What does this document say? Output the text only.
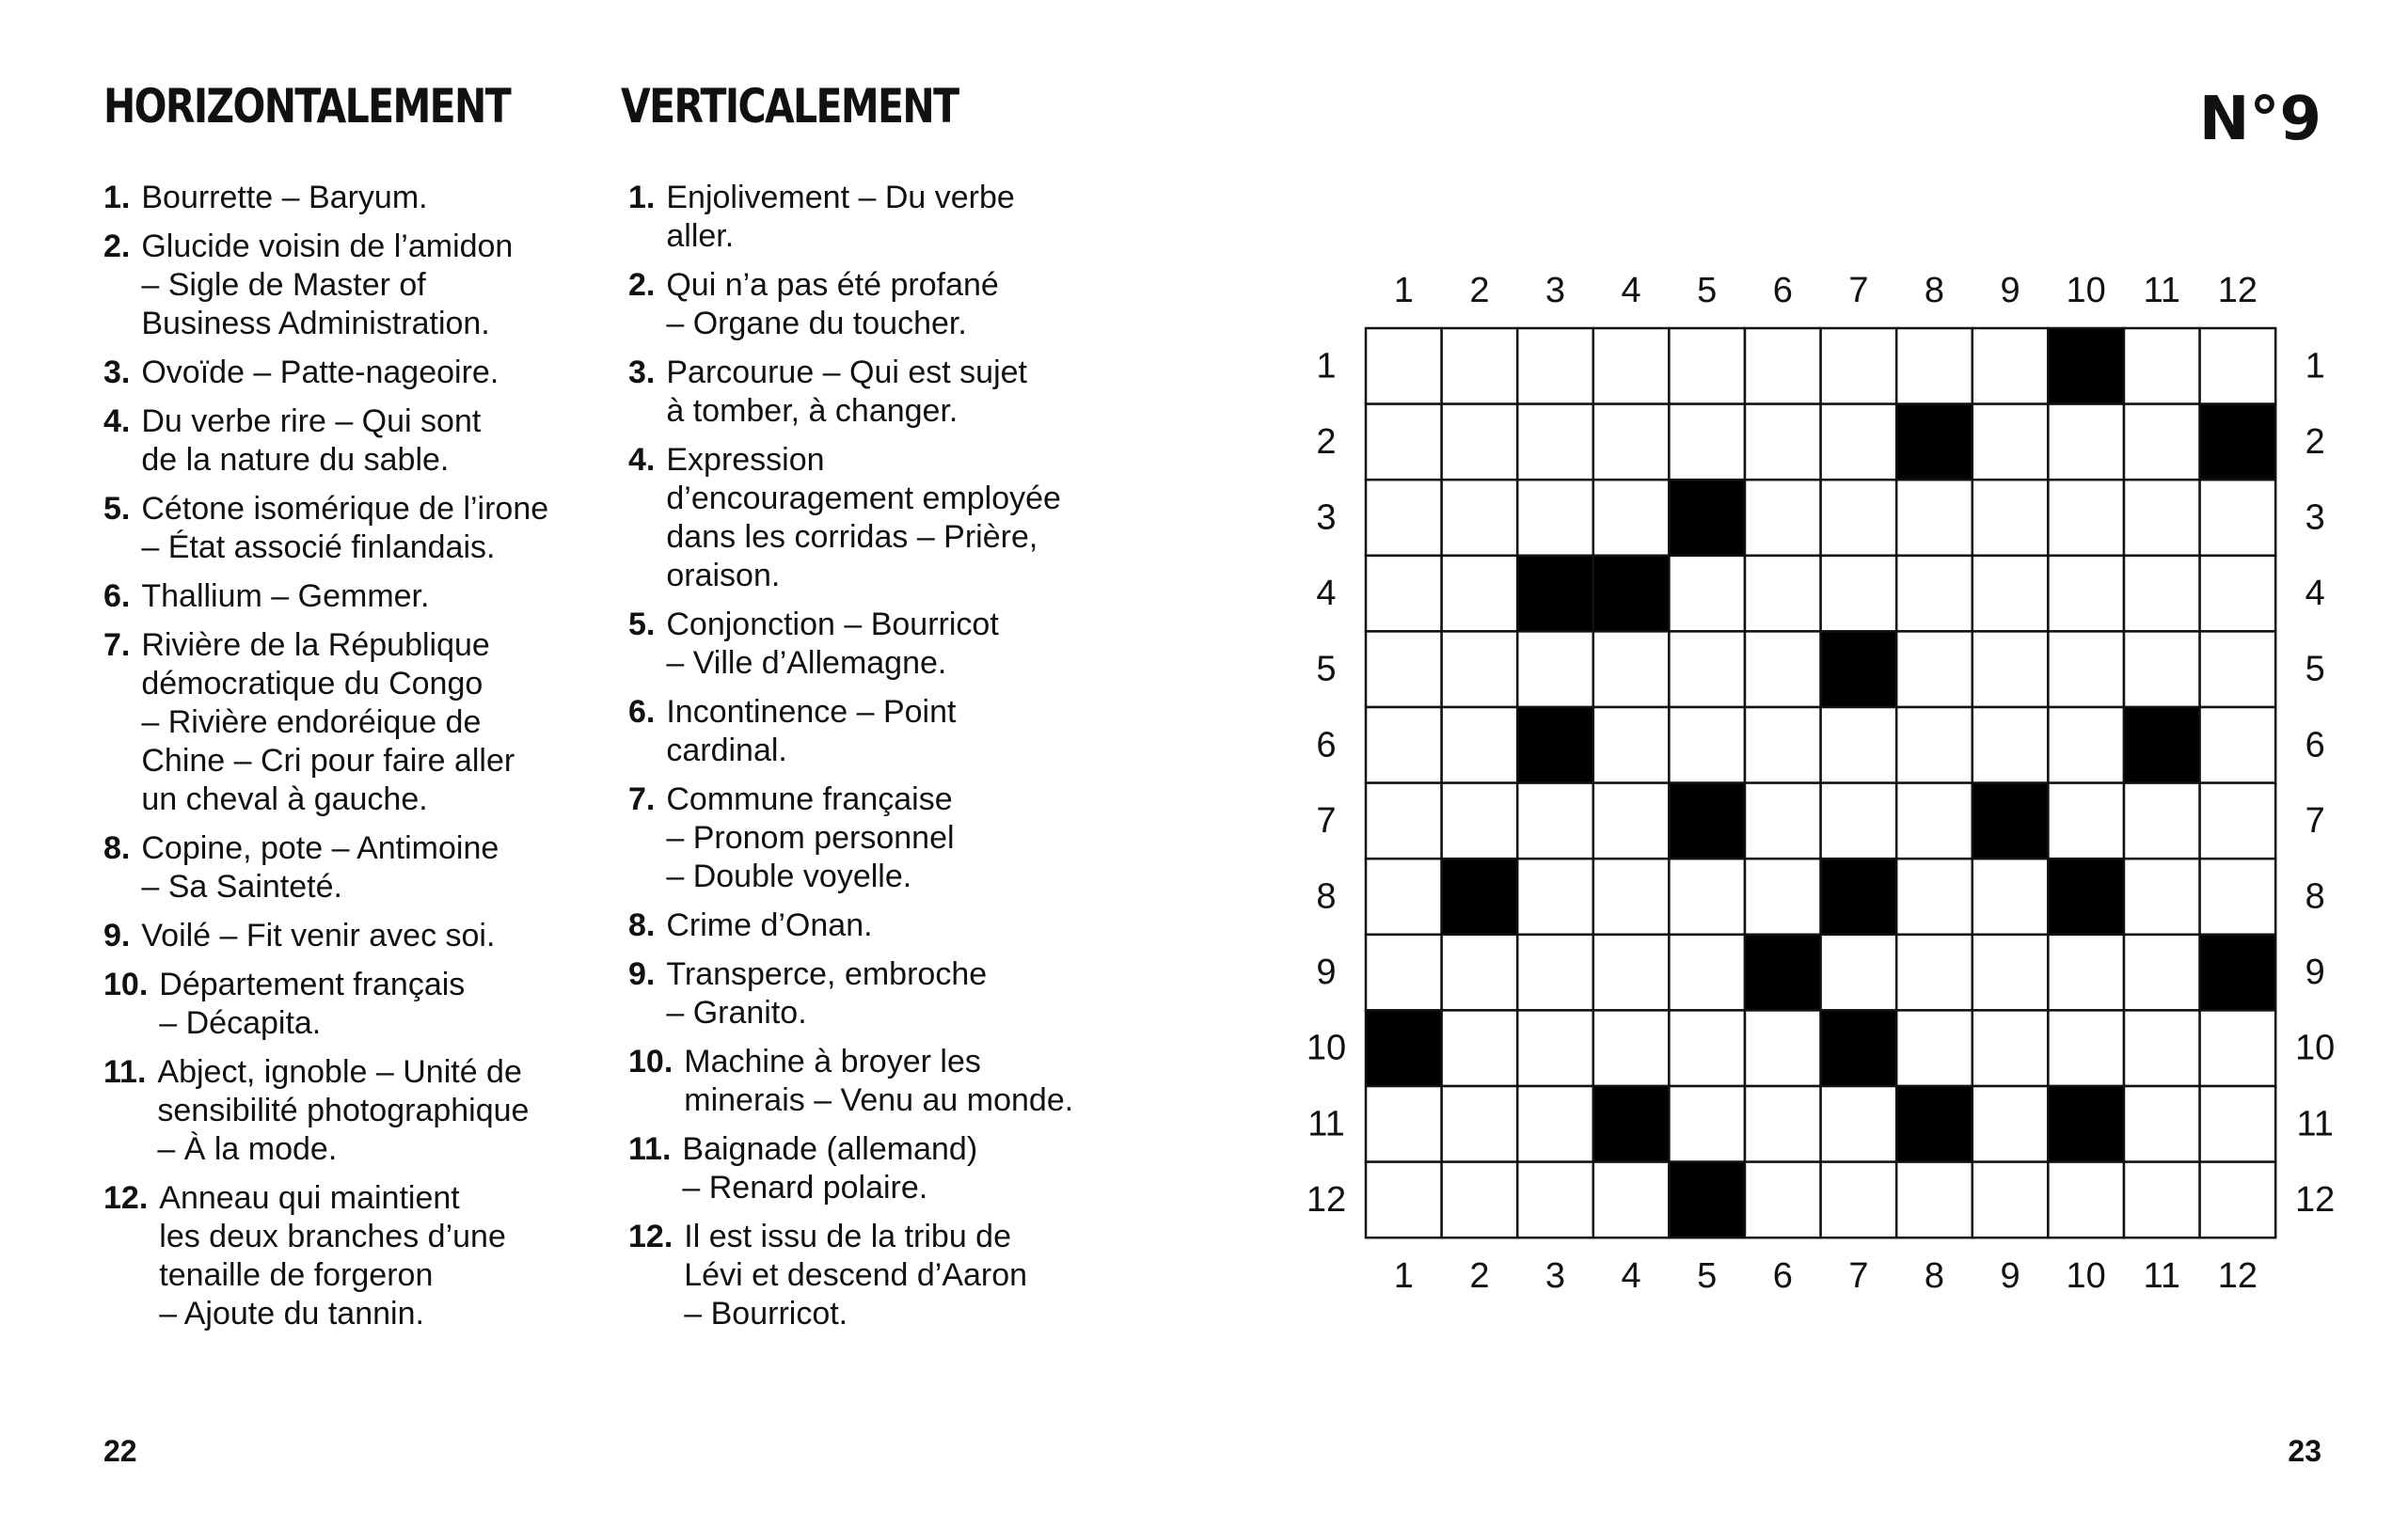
HORIZONTALEMENT VERTICALEMENT	N°9
1. Bourrette – Baryum.
2. Glucide voisin de l’amidon
– Sigle de Master of
Business Administration.
3. Ovoïde – Patte-nageoire.
4. Du verbe rire – Qui sont
de la nature du sable.
5. Cétone isomérique de l’irone
– État associé finlandais.
6. Thallium – Gemmer.
7. Rivière de la République
démocratique du Congo
– Rivière endoréique de
Chine – Cri pour faire aller
un cheval à gauche.
8. Copine, pote – Antimoine
– Sa Sainteté.
9. Voilé – Fit venir avec soi.
10. Département français
– Décapita.
11. Abject, ignoble – Unité de
sensibilité photographique
– À la mode.
12. Anneau qui maintient
les deux branches d’une
tenaille de forgeron
– Ajoute du tannin.
1. Enjolivement – Du verbe
aller.
2. Qui n’a pas été profané
– Organe du toucher.
3. Parcourue – Qui est sujet
à tomber, à changer.
4. Expression
d’encouragement employée
dans les corridas – Prière,
oraison.
5. Conjonction – Bourricot
– Ville d’Allemagne.
6. Incontinence – Point
cardinal.
7. Commune française
– Pronom personnel
– Double voyelle.
8. Crime d’Onan.
9. Transperce, embroche
– Granito.
10. Machine à broyer les
minerais – Venu au monde.
11. Baignade (allemand)
– Renard polaire.
12. Il est issu de la tribu de
Lévi et descend d’Aaron
– Bourricot.
1
1
2
2
3
3
4
4
5
5
6
6
7
7
8
8
9
9
10
10
11
11
12
12
1	1
2	2
3	3
4	4
5	5
6	6
7	7
8	8
9	9
10	10
11	11
12	12

22	23
